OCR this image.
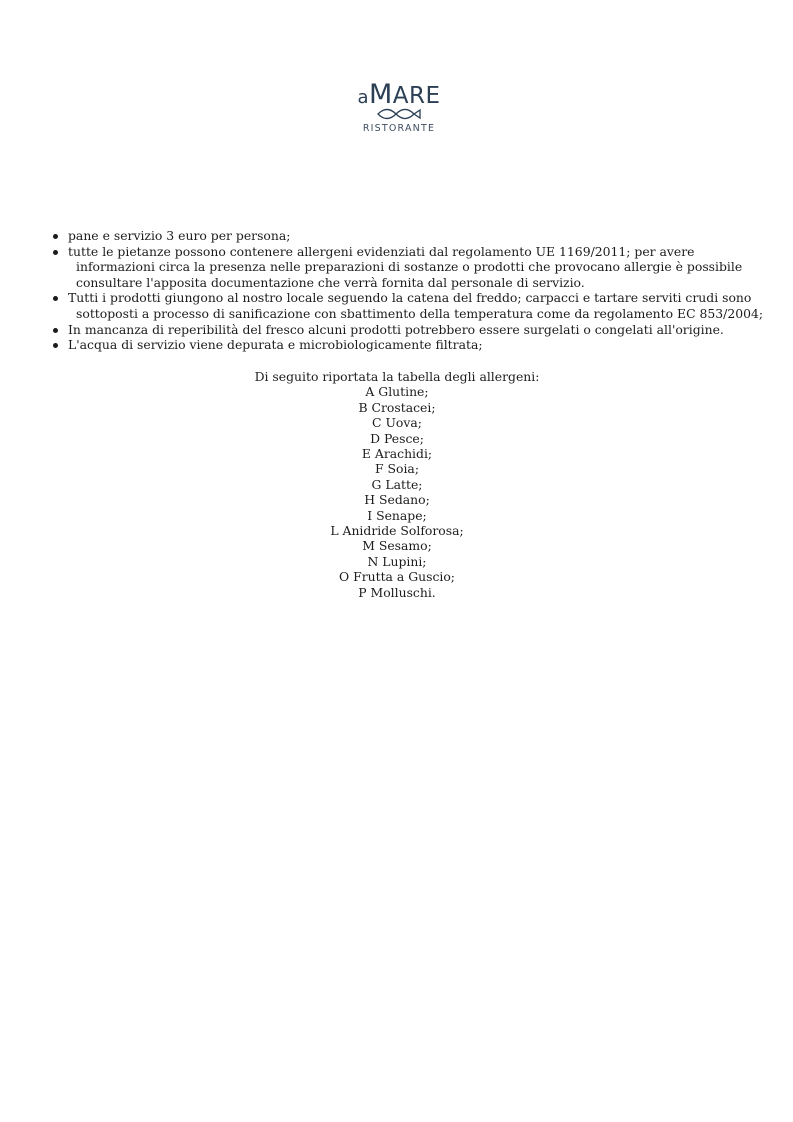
aMARE
RISTORANTE
pane e servizio 3 euro per persona;
tutte le pietanze possono contenere allergeni evidenziati dal regolamento UE 1169/2011; per avere
informazioni circa la presenza nelle preparazioni di sostanze o prodotti che provocano allergie è possibile
consultare l'apposita documentazione che verrà fornita dal personale di servizio.
Tutti i prodotti giungono al nostro locale seguendo la catena del freddo; carpacci e tartare serviti crudi sono
sottoposti a processo di sanificazione con sbattimento della temperatura come da regolamento EC 853/2004;
In mancanza di reperibilità del fresco alcuni prodotti potrebbero essere surgelati o congelati all'origine.
L'acqua di servizio viene depurata e microbiologicamente filtrata;
Di seguito riportata la tabella degli allergeni:
A Glutine;
B Crostacei;
C Uova;
D Pesce;
E Arachidi;
F Soia;
G Latte;
H Sedano;
I Senape;
L Anidride Solforosa;
M Sesamo;
N Lupini;
O Frutta a Guscio;
P Molluschi.
